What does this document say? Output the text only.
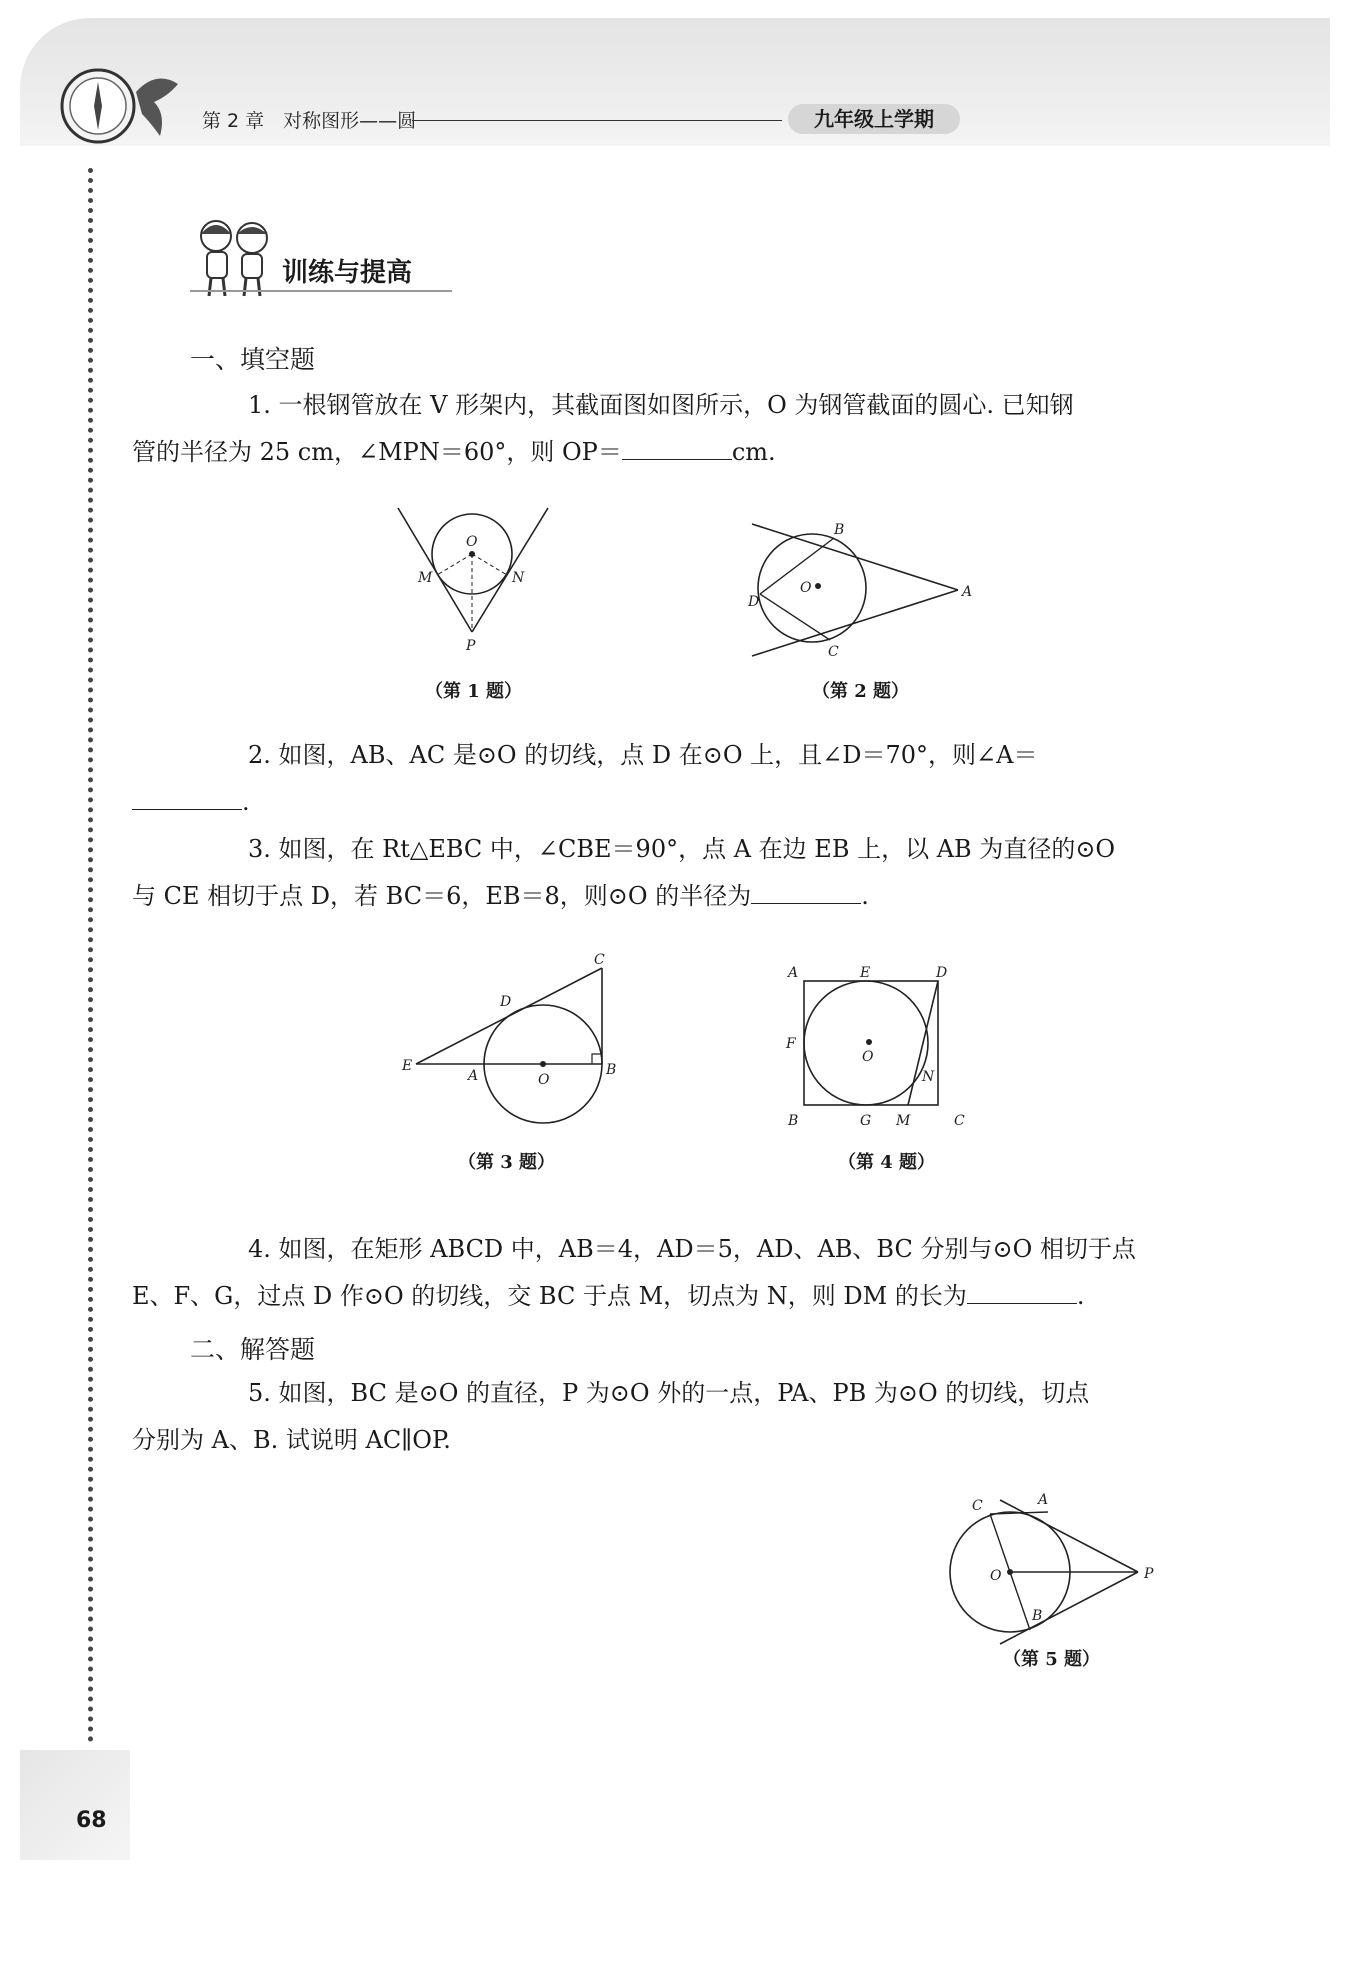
第 2 章　对称图形——圆	九年级上学期
训练与提高
一、填空题
1. 一根钢管放在 V 形架内，其截面图如图所示，O 为钢管截面的圆心. 已知钢
管的半径为 25 cm，∠MPN＝60°，则 OP＝	cm.
O
M	N
P
（第 1 题）
B
A
C
D
O
（第 2 题）
2. 如图，AB、AC 是⊙O 的切线，点 D 在⊙O 上，且∠D＝70°，则∠A＝
.
3. 如图，在 Rt△EBC 中，∠CBE＝90°，点 A 在边 EB 上，以 AB 为直径的⊙O
与 CE 相切于点 D，若 BC＝6，EB＝8，则⊙O 的半径为	.
C
D
E
A	O
B
（第 3 题）
A	E	D
F
O
N
B	G M	C
（第 4 题）
4. 如图，在矩形 ABCD 中，AB＝4，AD＝5，AD、AB、BC 分别与⊙O 相切于点
E、F、G，过点 D 作⊙O 的切线，交 BC 于点 M，切点为 N，则 DM 的长为	.
二、解答题
5. 如图，BC 是⊙O 的直径，P 为⊙O 外的一点，PA、PB 为⊙O 的切线，切点
分别为 A、B. 试说明 AC∥OP.
C	A
O	P
B
（第 5 题）
68
